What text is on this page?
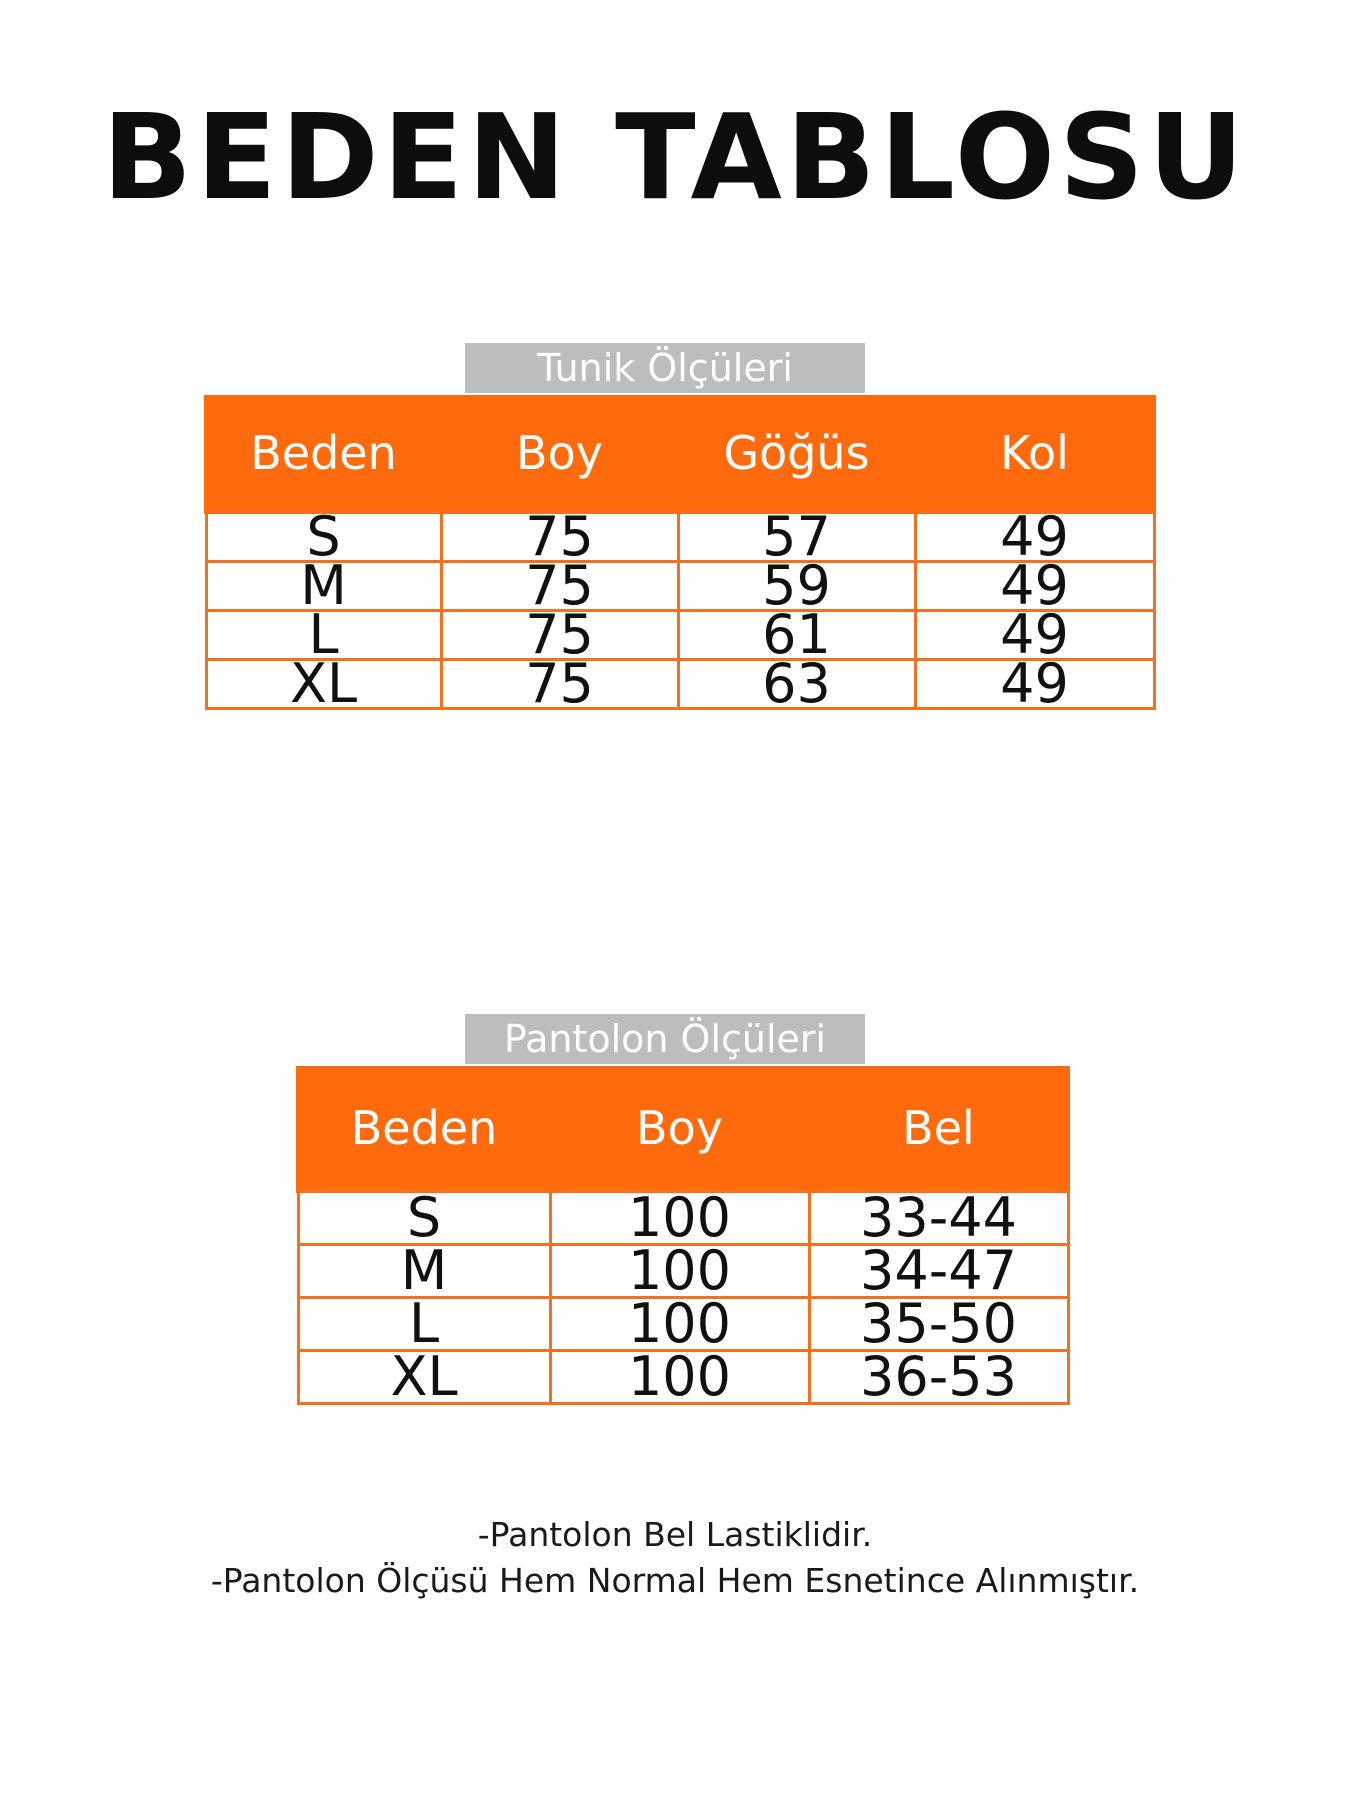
BEDEN TABLOSU
Tunik Ölçüleri
Beden	Boy	Göğüs	Kol
S	75	57	49
M	75	59	49
L	75	61	49
XL	75	63	49
Pantolon Ölçüleri
Beden	Boy	Bel
S	100	33-44
M	100	34-47
L	100	35-50
XL	100	36-53
-Pantolon Bel Lastiklidir.
-Pantolon Ölçüsü Hem Normal Hem Esnetince Alınmıştır.
